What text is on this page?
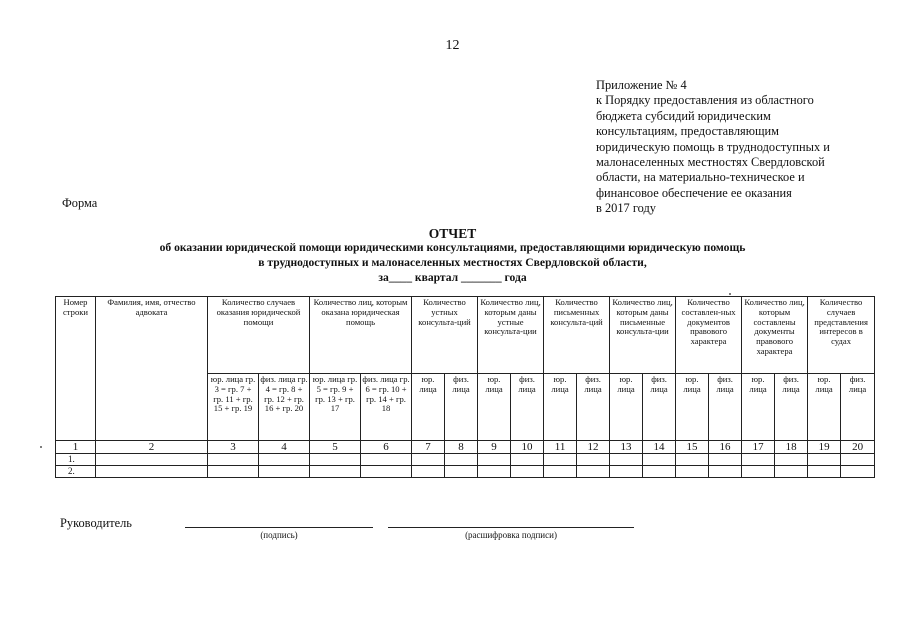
12
Приложение № 4
к Порядку предоставления из областного
бюджета субсидий юридическим
консультациям, предоставляющим
юридическую помощь в труднодоступных и
малонаселенных местностях Свердловской
области, на материально-техническое и
финансовое обеспечение ее оказания
в 2017 году
Форма
ОТЧЕТ
об оказании юридической помощи юридическими консультациями, предоставляющими юридическую помощь
в труднодоступных и малонаселенных местностях Свердловской области,
за____ квартал _______ года
Номер строки	Фамилия, имя, отчество адвоката	Количество случаев оказания юридической помощи		Количество лиц, которым оказана юридическая помощь		Количество устных консульта-ций		Количество лиц, которым даны устные консульта-ции		Количество письменных консульта-ций		Количество лиц, которым даны письменные консульта-ции		Количество составлен-ных документов правового характера		Количество лиц, которым составлены документы правового характера		Количество случаев представления интересов в судах	
		юр. лица гр. 3 = гр. 7 + гр. 11 + гр. 15 + гр. 19	физ. лица гр. 4 = гр. 8 + гр. 12 + гр. 16 + гр. 20	юр. лица гр. 5 = гр. 9 + гр. 13 + гр. 17	физ. лица гр. 6 = гр. 10 + гр. 14 + гр. 18	юр. лица	физ. лица	юр. лица	физ. лица	юр. лица	физ. лица	юр. лица	физ. лица	юр. лица	физ. лица	юр. лица	физ. лица	юр. лица	физ. лица
1	2	3	4	5	6	7	8	9	10	11	12	13	14	15	16	17	18	19	20
1.																			
2.																			
Руководитель
(подпись)	(расшифровка подписи)
